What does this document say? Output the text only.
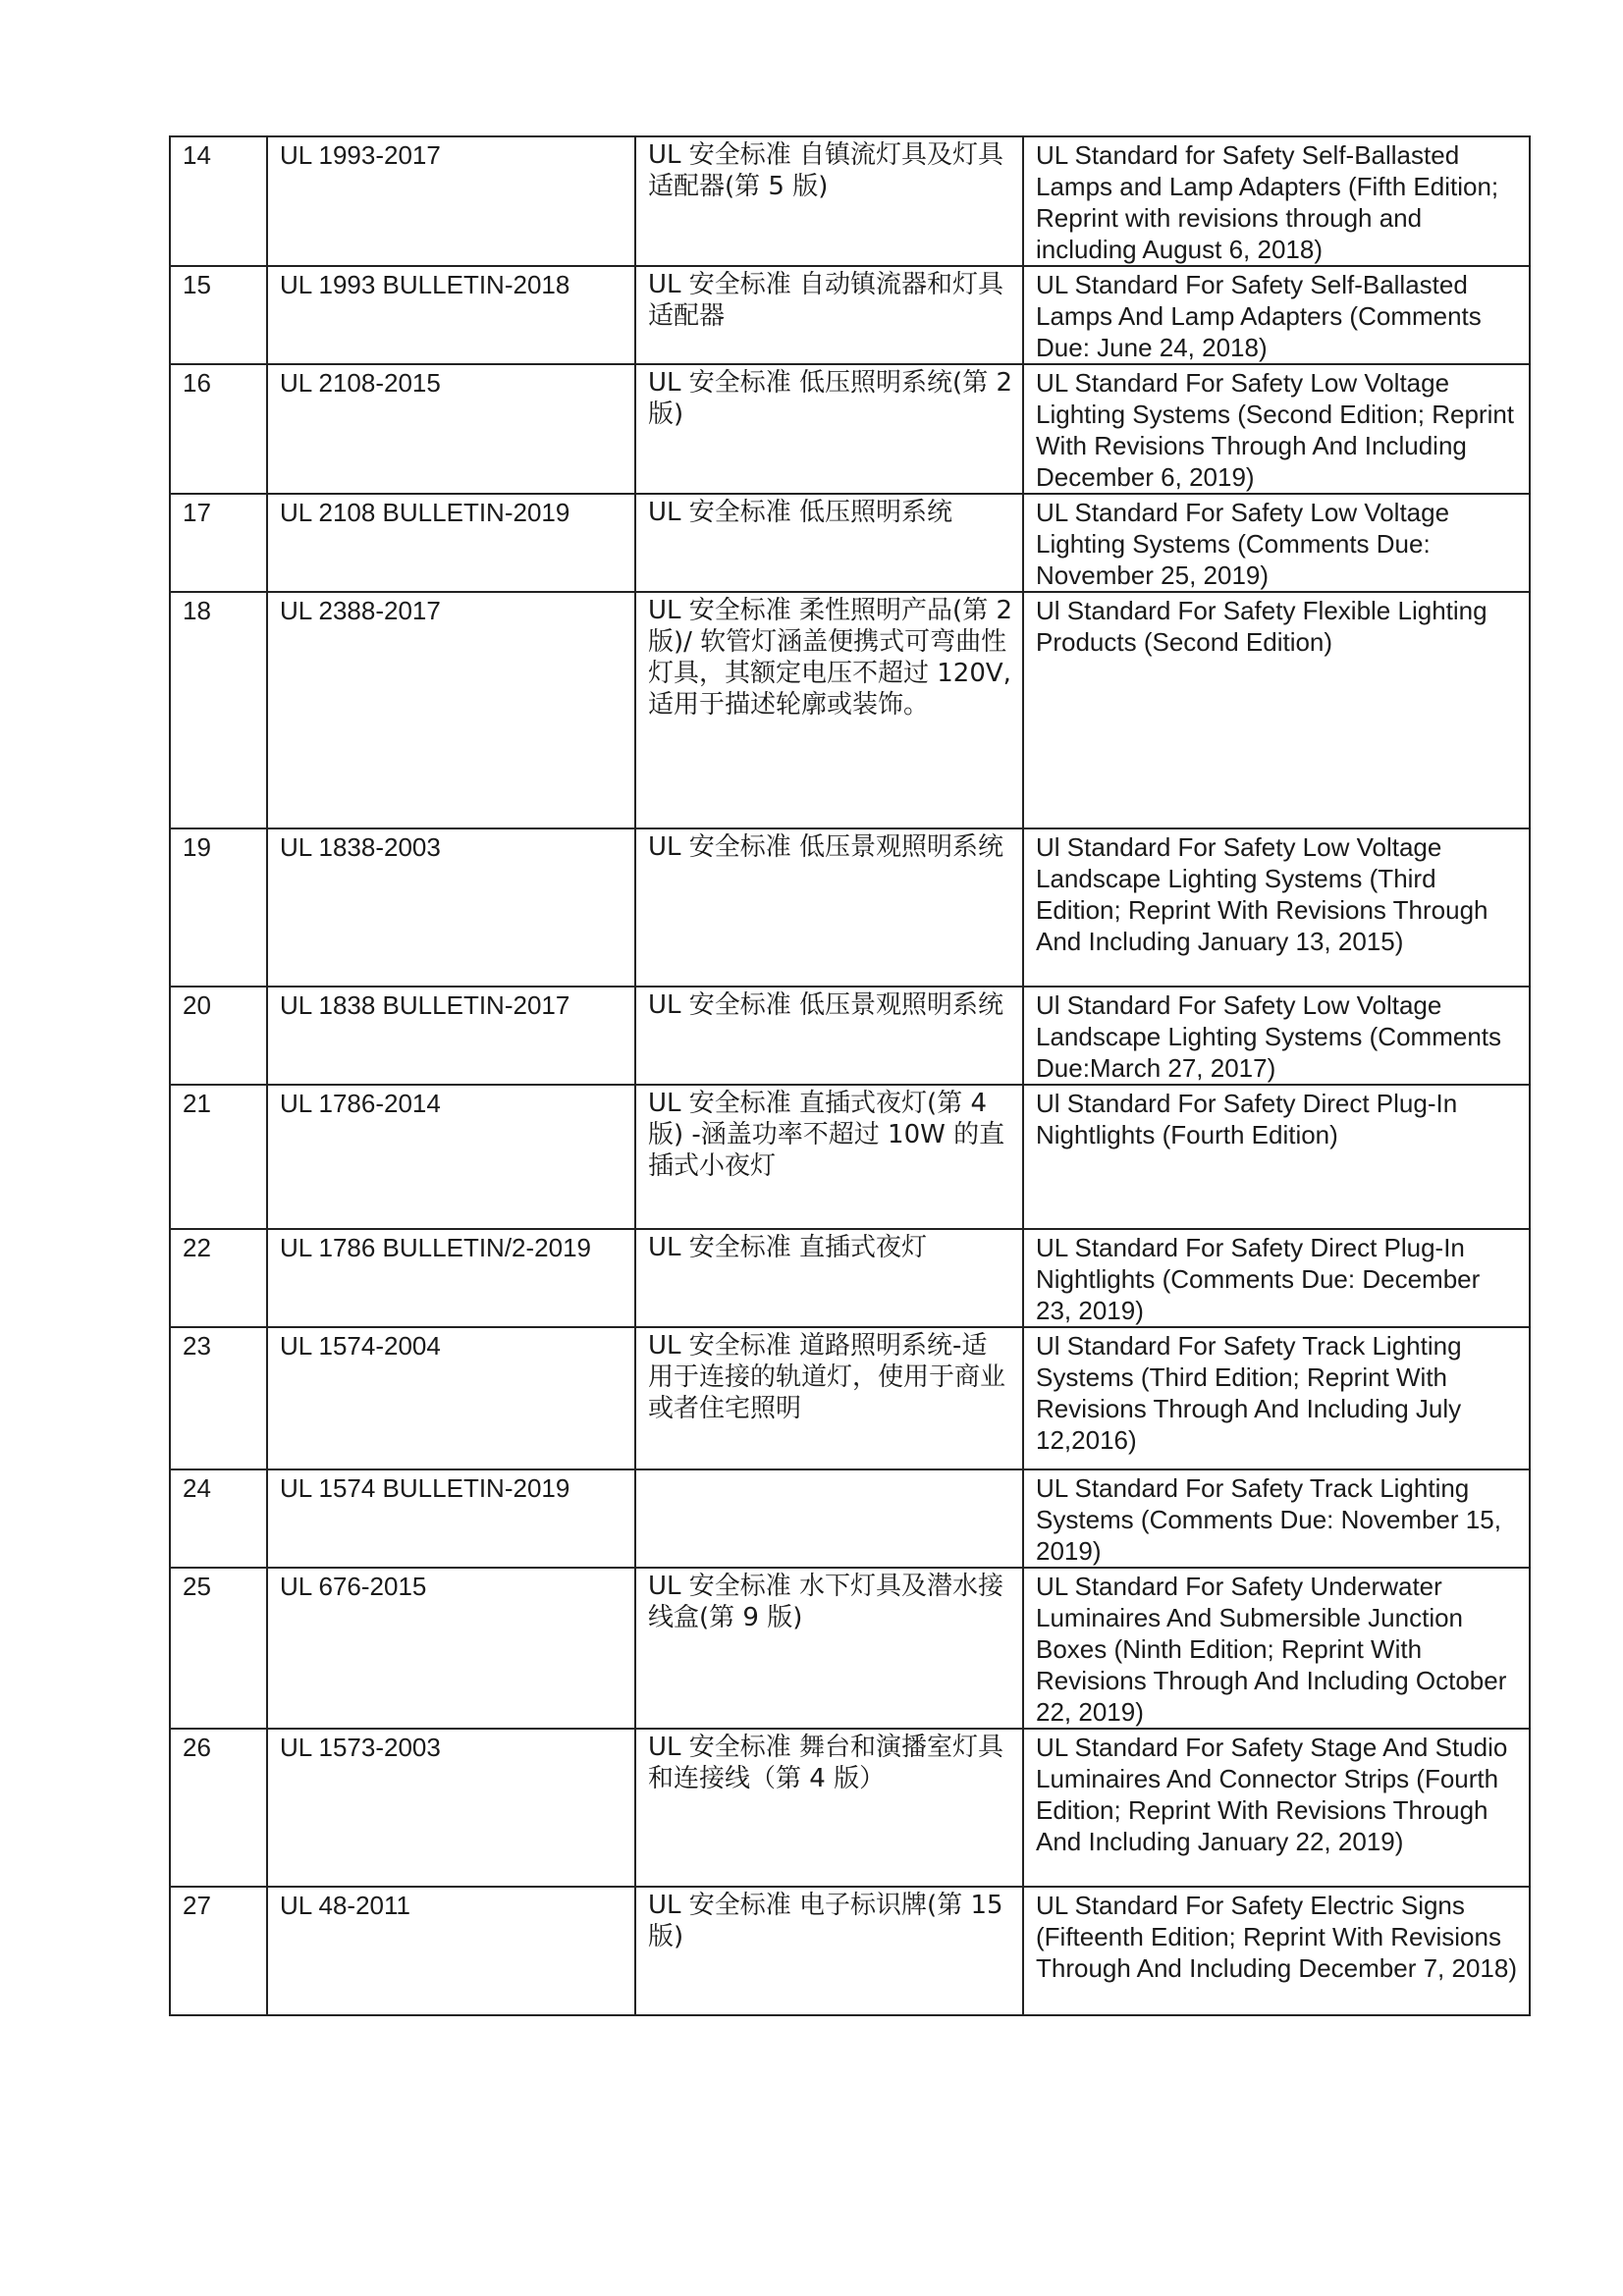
14	UL 1993-2017	UL 安全标准 自镇流灯具及灯具适配器(第 5 版)	UL Standard for Safety Self-Ballasted Lamps and Lamp Adapters (Fifth Edition; Reprint with revisions through and including August 6, 2018)
15	UL 1993 BULLETIN-2018	UL 安全标准 自动镇流器和灯具适配器	UL Standard For Safety Self-Ballasted Lamps And Lamp Adapters (Comments Due: June 24, 2018)
16	UL 2108-2015	UL 安全标准 低压照明系统(第 2 版)	UL Standard For Safety Low Voltage Lighting Systems (Second Edition; Reprint With Revisions Through And Including December 6, 2019)
17	UL 2108 BULLETIN-2019	UL 安全标准 低压照明系统	UL Standard For Safety Low Voltage Lighting Systems (Comments Due: November 25, 2019)
18	UL 2388-2017	UL 安全标准 柔性照明产品(第 2 版)/ 软管灯涵盖便携式可弯曲性灯具，其额定电压不超过 120V,适用于描述轮廓或装饰。	Ul Standard For Safety Flexible Lighting Products (Second Edition)
19	UL 1838-2003	UL 安全标准 低压景观照明系统	Ul Standard For Safety Low Voltage Landscape Lighting Systems (Third Edition; Reprint With Revisions Through And Including January 13, 2015)
20	UL 1838 BULLETIN-2017	UL 安全标准 低压景观照明系统	Ul Standard For Safety Low Voltage Landscape Lighting Systems (Comments Due:March 27, 2017)
21	UL 1786-2014	UL 安全标准 直插式夜灯(第 4 版) -涵盖功率不超过 10W 的直插式小夜灯	Ul Standard For Safety Direct Plug-In Nightlights (Fourth Edition)
22	UL 1786 BULLETIN/2-2019	UL 安全标准 直插式夜灯	UL Standard For Safety Direct Plug-In Nightlights (Comments Due: December 23, 2019)
23	UL 1574-2004	UL 安全标准 道路照明系统-适用于连接的轨道灯，使用于商业或者住宅照明	Ul Standard For Safety Track Lighting Systems (Third Edition; Reprint With Revisions Through And Including July 12,2016)
24	UL 1574 BULLETIN-2019		UL Standard For Safety Track Lighting Systems (Comments Due: November 15, 2019)
25	UL 676-2015	UL 安全标准 水下灯具及潜水接线盒(第 9 版)	UL Standard For Safety Underwater Luminaires And Submersible Junction Boxes (Ninth Edition; Reprint With Revisions Through And Including October 22, 2019)
26	UL 1573-2003	UL 安全标准 舞台和演播室灯具和连接线（第 4 版）	UL Standard For Safety Stage And Studio Luminaires And Connector Strips (Fourth Edition; Reprint With Revisions Through And Including January 22, 2019)
27	UL 48-2011	UL 安全标准 电子标识牌(第 15 版)	UL Standard For Safety Electric Signs (Fifteenth Edition; Reprint With Revisions Through And Including December 7, 2018)
